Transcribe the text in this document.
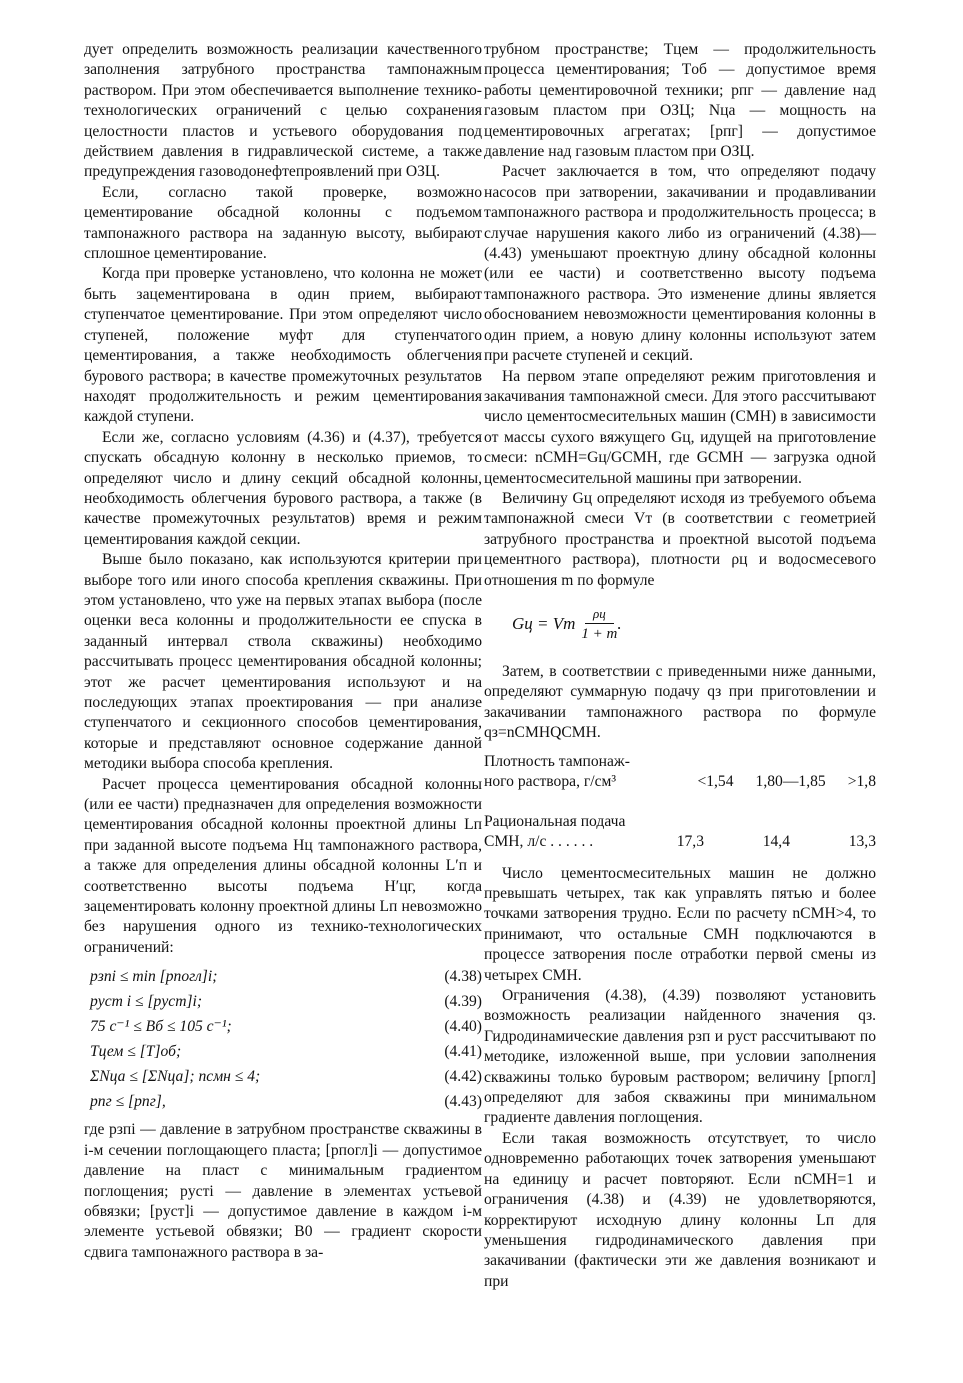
дует определить возможность реализации качественного заполнения затрубного пространства тампонажным раствором. При этом обеспечивается выполнение технико-технологических ограничений с целью сохранения целостности пластов и устьевого оборудования под действием давления в гидравлической системе, а также предупреждения газоводонефтепроявлений при ОЗЦ.

Если, согласно такой проверке, возможно цементирование обсадной колонны с подъемом тампонажного раствора на заданную высоту, выбирают сплошное цементирование.

Когда при проверке установлено, что колонна не может быть зацементирована в один прием, выбирают ступенчатое цементирование. При этом определяют число ступеней, положение муфт для ступенчатого цементирования, а также необходимость облегчения бурового раствора; в качестве промежуточных результатов находят продолжительность и режим цементирования каждой ступени.

Если же, согласно условиям (4.36) и (4.37), требуется спускать обсадную колонну в несколько приемов, то определяют число и длину секций обсадной колонны, необходимость облегчения бурового раствора, а также (в качестве промежуточных результатов) время и режим цементирования каждой секции.

Выше было показано, как используются критерии при выборе того или иного способа крепления скважины. При этом установлено, что уже на первых этапах выбора (после оценки веса колонны и продолжительности ее спуска в заданный интервал ствола скважины) необходимо рассчитывать процесс цементирования обсадной колонны; этот же расчет цементирования используют и на последующих этапах проектирования — при анализе ступенчатого и секционного способов цементирования, которые и представляют основное содержание данной методики выбора способа крепления.

Расчет процесса цементирования обсадной колонны (или ее части) предназначен для определения возможности цементирования обсадной колонны проектной длины Lп при заданной высоте подъема Hц тампонажного раствора, а также для определения длины обсадной колонны L′п и соответственно высоты подъема H′цг, когда зацементировать колонну проектной длины Lп невозможно без нарушения одного из технико-технологических ограничений:

pзпi ≤ min [pпогл]i;	(4.38)
pуст i ≤ [pуст]i;	(4.39)
75 с⁻¹ ≤ Bб ≤ 105 с⁻¹;	(4.40)
Tцем ≤ [T]об;	(4.41)
ΣNца ≤ [ΣNца]; nсмн ≤ 4;	(4.42)
pпг ≤ [pпг],	(4.43)

где pзпi — давление в затрубном пространстве скважины в i-м сечении поглощающего пласта; [pпогл]i — допустимое давление на пласт с минимальным градиентом поглощения; pустi — давление в элементах устьевой обвязки; [pуст]i — допустимое давление в каждом i-м элементе устьевой обвязки; B0 — градиент скорости сдвига тампонажного раствора в за-

трубном пространстве; Tцем — продолжительность процесса цементирования; Tоб — допустимое время работы цементировочной техники; pпг — давление над газовым пластом при ОЗЦ; Nца — мощность на цементировочных агрегатах; [pпг] — допустимое давление над газовым пластом при ОЗЦ.

Расчет заключается в том, что определяют подачу насосов при затворении, закачивании и продавливании тампонажного раствора и продолжительность процесса; в случае нарушения какого либо из ограничений (4.38)—(4.43) уменьшают проектную длину обсадной колонны (или ее части) и соответственно высоту подъема тампонажного раствора. Это изменение длины является обоснованием невозможности цементирования колонны в один прием, а новую длину колонны используют затем при расчете ступеней и секций.

На первом этапе определяют режим приготовления и закачивания тампонажной смеси. Для этого рассчитывают число цементосмесительных машин (СМН) в зависимости от массы сухого вяжущего Gц, идущей на приготовление смеси: nСМН=Gц/GСМН, где GСМН — загрузка одной цементосмесительной машины при затворении.

Величину Gц определяют исходя из требуемого объема тампонажной смеси Vт (в соответствии с геометрией затрубного пространства и проектной высотой подъема цементного раствора), плотности ρц и водосмесевого отношения m по формуле

Gц = Vт $\frac{\rho ц}{1 + m}$ .

Затем, в соответствии с приведенными ниже данными, определяют суммарную подачу qз при приготовлении и закачивании тампонажного раствора по формуле qз=nСМНQСМН.

Плотность тампонаж-
ного раствора, г/см³	<1,54 1,80—1,85 >1,8
Рациональная подача
СМН, л/с . . . . . .	17,3	14,4	13,3

Число цементосмесительных машин не должно превышать четырех, так как управлять пятью и более точками затворения трудно. Если по расчету nСМН>4, то принимают, что остальные СМН подключаются в процессе затворения после отработки первой смены из четырех СМН.

Ограничения (4.38), (4.39) позволяют установить возможность реализации найденного значения qз. Гидродинамические давления pзп и pуст рассчитывают по методике, изложенной выше, при условии заполнения скважины только буровым раствором; величину [pпогл] определяют для забоя скважины при минимальном градиенте давления поглощения.

Если такая возможность отсутствует, то число одновременно работающих точек затворения уменьшают на единицу и расчет повторяют. Если nСМН=1 и ограничения (4.38) и (4.39) не удовлетворяются, корректируют исходную длину колонны Lп для уменьшения гидродинамического давления при закачивании (фактически эти же давления возникают и при
